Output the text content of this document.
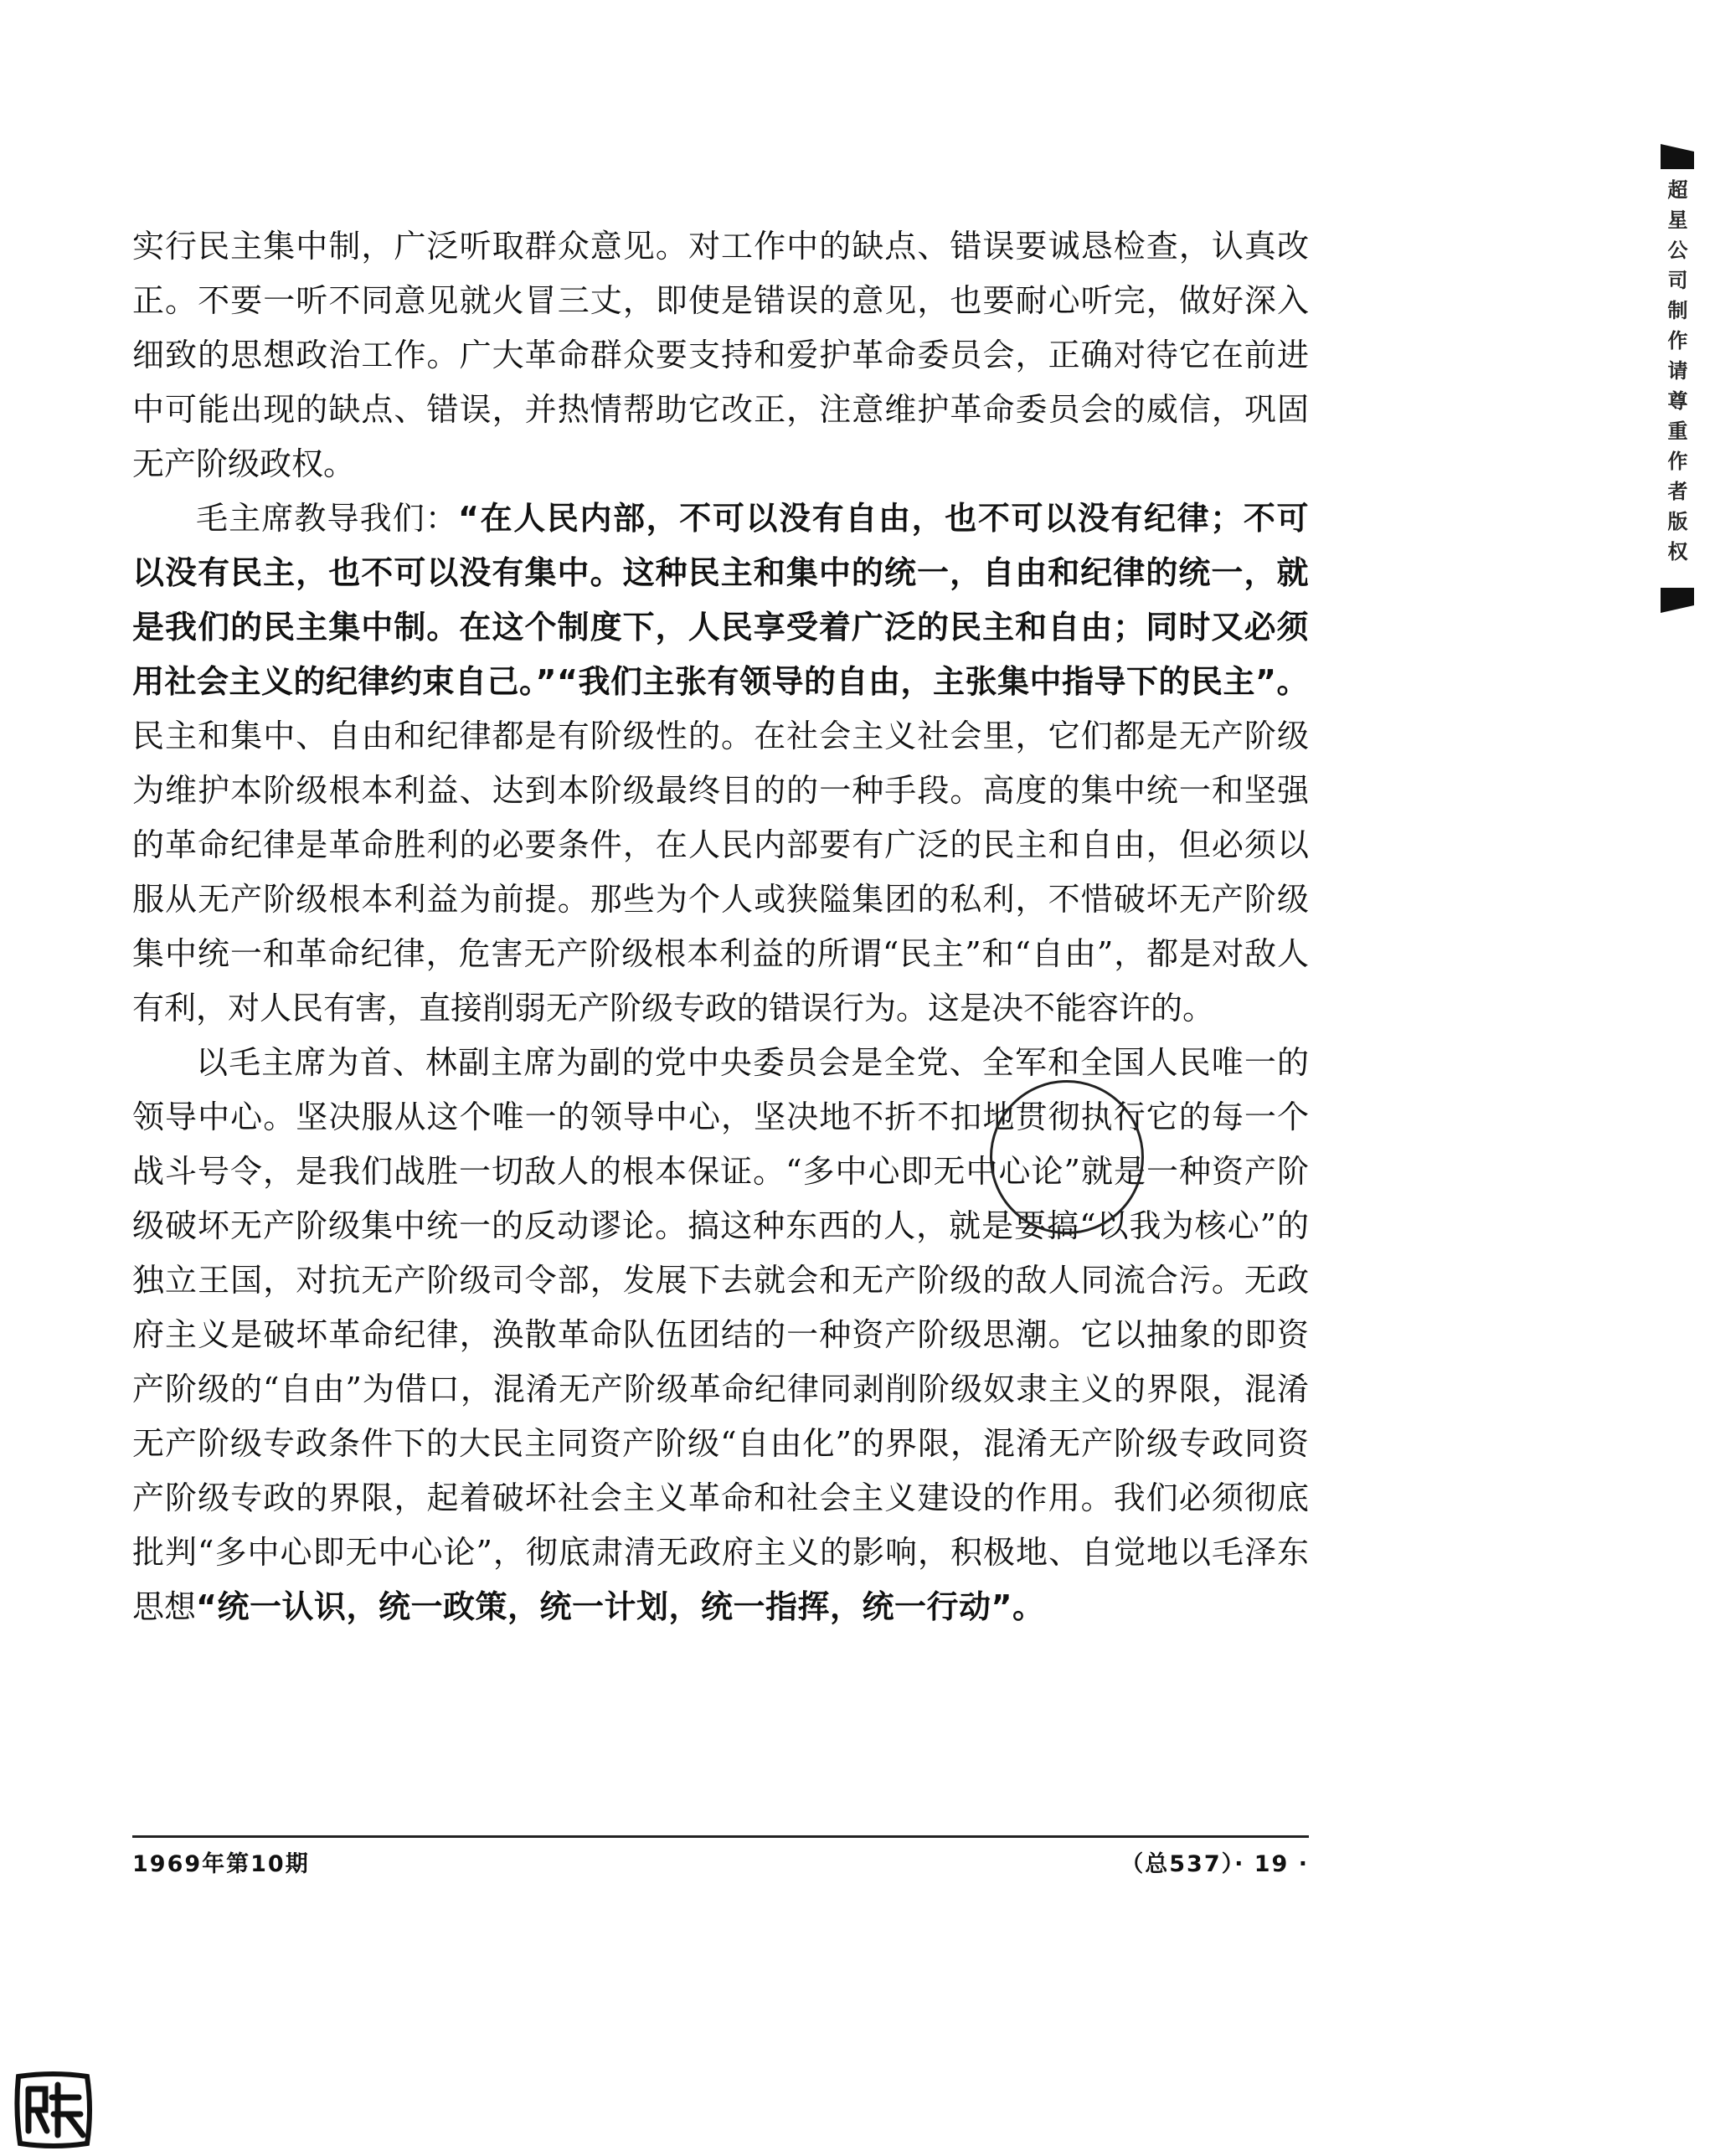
超星公司制作请尊重作者版权

实行民主集中制，广泛听取群众意见。对工作中的缺点、错误要诚恳检查，认真改正。不要一听不同意见就火冒三丈，即使是错误的意见，也要耐心听完，做好深入细致的思想政治工作。广大革命群众要支持和爱护革命委员会，正确对待它在前进中可能出现的缺点、错误，并热情帮助它改正，注意维护革命委员会的威信，巩固无产阶级政权。

毛主席教导我们：“在人民内部，不可以没有自由，也不可以没有纪律；不可以没有民主，也不可以没有集中。这种民主和集中的统一，自由和纪律的统一，就是我们的民主集中制。在这个制度下，人民享受着广泛的民主和自由；同时又必须用社会主义的纪律约束自己。”“我们主张有领导的自由，主张集中指导下的民主”。民主和集中、自由和纪律都是有阶级性的。在社会主义社会里，它们都是无产阶级为维护本阶级根本利益、达到本阶级最终目的的一种手段。高度的集中统一和坚强的革命纪律是革命胜利的必要条件，在人民内部要有广泛的民主和自由，但必须以服从无产阶级根本利益为前提。那些为个人或狭隘集团的私利，不惜破坏无产阶级集中统一和革命纪律，危害无产阶级根本利益的所谓“民主”和“自由”，都是对敌人有利，对人民有害，直接削弱无产阶级专政的错误行为。这是决不能容许的。

以毛主席为首、林副主席为副的党中央委员会是全党、全军和全国人民唯一的领导中心。坚决服从这个唯一的领导中心，坚决地不折不扣地贯彻执行它的每一个战斗号令，是我们战胜一切敌人的根本保证。“多中心即无中心论”就是一种资产阶级破坏无产阶级集中统一的反动谬论。搞这种东西的人，就是要搞“以我为核心”的独立王国，对抗无产阶级司令部，发展下去就会和无产阶级的敌人同流合污。无政府主义是破坏革命纪律，涣散革命队伍团结的一种资产阶级思潮。它以抽象的即资产阶级的“自由”为借口，混淆无产阶级革命纪律同剥削阶级奴隶主义的界限，混淆无产阶级专政条件下的大民主同资产阶级“自由化”的界限，混淆无产阶级专政同资产阶级专政的界限，起着破坏社会主义革命和社会主义建设的作用。我们必须彻底批判“多中心即无中心论”，彻底肃清无政府主义的影响，积极地、自觉地以毛泽东思想“统一认识，统一政策，统一计划，统一指挥，统一行动”。

1969年第10期	（总537）· 19 ·
